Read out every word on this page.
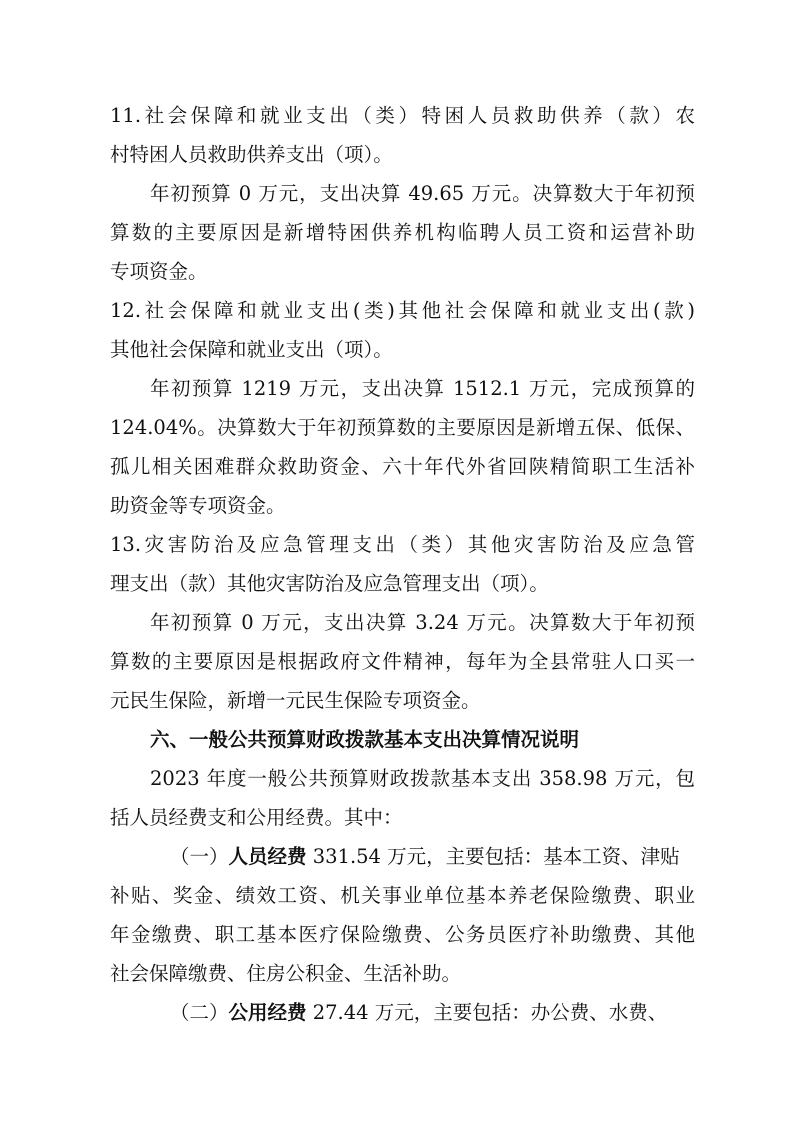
11.社会保障和就业支出（类）特困人员救助供养（款）农
村特困人员救助供养支出（项）。
年初预算 0 万元，支出决算 49.65 万元。决算数大于年初预
算数的主要原因是新增特困供养机构临聘人员工资和运营补助
专项资金。
12.社会保障和就业支出(类)其他社会保障和就业支出(款)
其他社会保障和就业支出（项）。
年初预算 1219 万元，支出决算 1512.1 万元，完成预算的
124.04%。决算数大于年初预算数的主要原因是新增五保、低保、
孤儿相关困难群众救助资金、六十年代外省回陕精简职工生活补
助资金等专项资金。
13.灾害防治及应急管理支出（类）其他灾害防治及应急管
理支出（款）其他灾害防治及应急管理支出（项）。
年初预算 0 万元，支出决算 3.24 万元。决算数大于年初预
算数的主要原因是根据政府文件精神，每年为全县常驻人口买一
元民生保险，新增一元民生保险专项资金。
六、一般公共预算财政拨款基本支出决算情况说明
2023 年度一般公共预算财政拨款基本支出 358.98 万元，包
括人员经费支和公用经费。其中：
（一）人员经费 331.54 万元，主要包括：基本工资、津贴
补贴、奖金、绩效工资、机关事业单位基本养老保险缴费、职业
年金缴费、职工基本医疗保险缴费、公务员医疗补助缴费、其他
社会保障缴费、住房公积金、生活补助。
（二）公用经费 27.44 万元，主要包括：办公费、水费、
